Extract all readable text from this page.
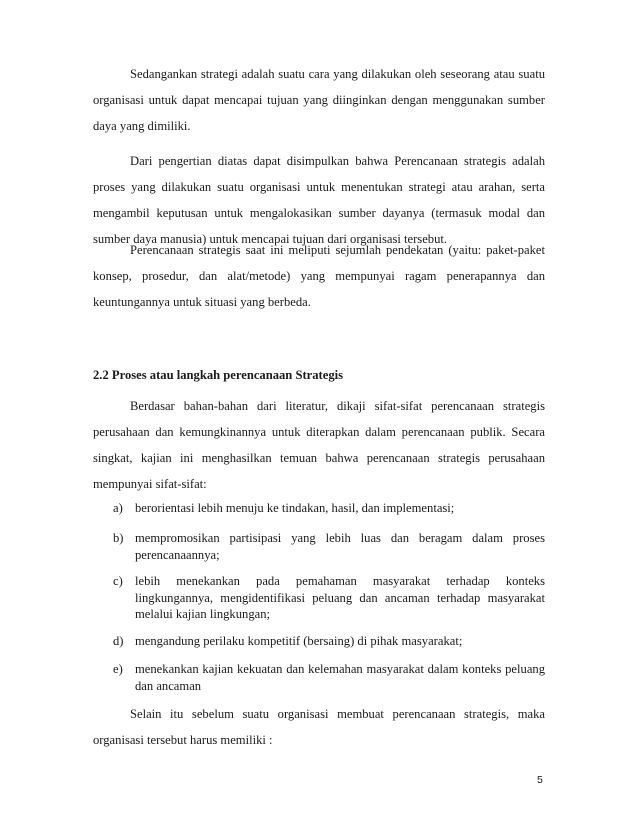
Sedangankan strategi adalah suatu cara yang dilakukan oleh seseorang atau suatu organisasi untuk dapat mencapai tujuan yang diinginkan dengan menggunakan sumber daya yang dimiliki.

Dari pengertian diatas dapat disimpulkan bahwa Perencanaan strategis adalah proses yang dilakukan suatu organisasi untuk menentukan strategi atau arahan, serta mengambil keputusan untuk mengalokasikan sumber dayanya (termasuk modal dan sumber daya manusia) untuk mencapai tujuan dari organisasi tersebut.

Perencanaan strategis saat ini meliputi sejumlah pendekatan (yaitu: paket-paket konsep, prosedur, dan alat/metode) yang mempunyai ragam penerapannya dan keuntungannya untuk situasi yang berbeda.

2.2 Proses atau langkah perencanaan Strategis

Berdasar bahan-bahan dari literatur, dikaji sifat-sifat perencanaan strategis perusahaan dan kemungkinannya untuk diterapkan dalam perencanaan publik. Secara singkat, kajian ini menghasilkan temuan bahwa perencanaan strategis perusahaan mempunyai sifat-sifat:

a) berorientasi lebih menuju ke tindakan, hasil, dan implementasi;
b) mempromosikan partisipasi yang lebih luas dan beragam dalam proses perencanaannya;
c) lebih menekankan pada pemahaman masyarakat terhadap konteks lingkungannya, mengidentifikasi peluang dan ancaman terhadap masyarakat melalui kajian lingkungan;
d) mengandung perilaku kompetitif (bersaing) di pihak masyarakat;
e) menekankan kajian kekuatan dan kelemahan masyarakat dalam konteks peluang dan ancaman

Selain itu sebelum suatu organisasi membuat perencanaan strategis, maka organisasi tersebut harus memiliki :

5
